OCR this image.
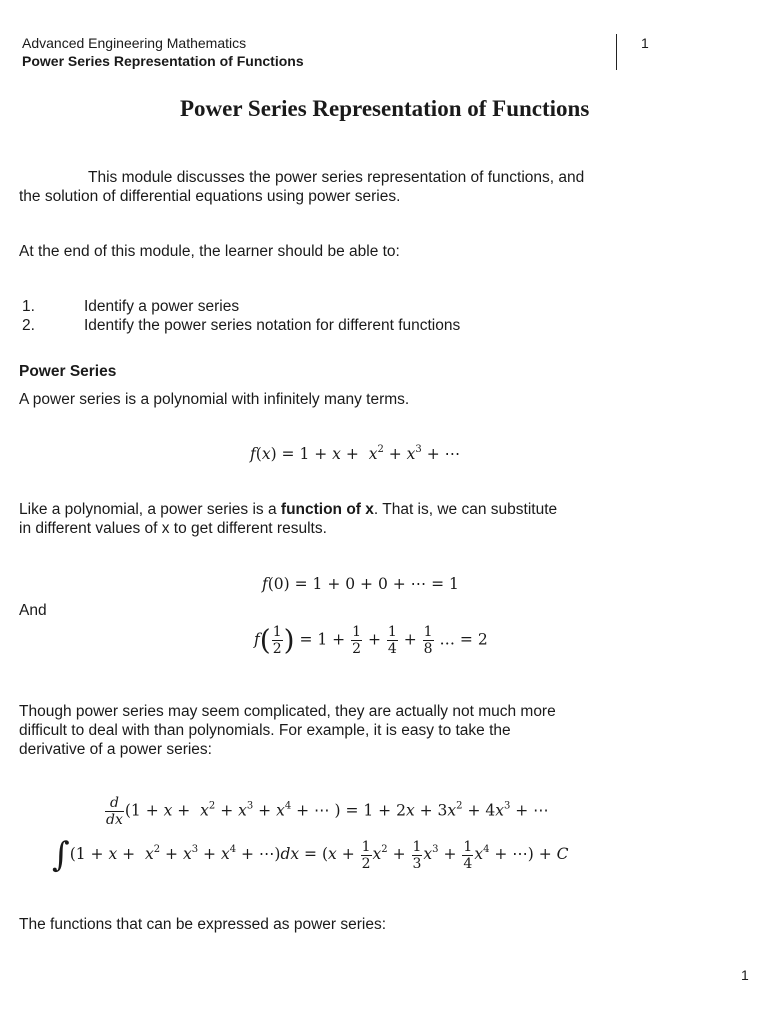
Advanced Engineering Mathematics
Power Series Representation of Functions
1
Power Series Representation of Functions
This module discusses the power series representation of functions, and
the solution of differential equations using power series.
At the end of this module, the learner should be able to:
1.	Identify a power series
2.	Identify the power series notation for different functions
Power Series
A power series is a polynomial with infinitely many terms.
$f(x) = 1 + x + x^2 + x^3$ + ⋯
Like a polynomial, a power series is a function of x. That is, we can substitute
in different values of x to get different results.
f(0) = 1 + 0 + 0 + ⋯ = 1
And
$f( \frac{1}{2}$ ) = $1 + \frac{1}{2} + \frac{1}{4} + \frac{1}{8}$ … = 2
Though power series may seem complicated, they are actually not much more
difficult to deal with than polynomials. For example, it is easy to take the
derivative of a power series:
$\frac{d}{dx} (1 + x + x^2 + x^3 + x^4$ + ⋯ ) = $1 + 2x + 3x^2 + 4x^3$ + ⋯
$\int(1 + x + x^2 + x^3 + x^4$ + ⋯)dx = ($x + \frac{1}{2} x^2 + \frac{1}{3} x^3 + \frac{1}{4} x^4$ + ⋯) + C
The functions that can be expressed as power series:
1
